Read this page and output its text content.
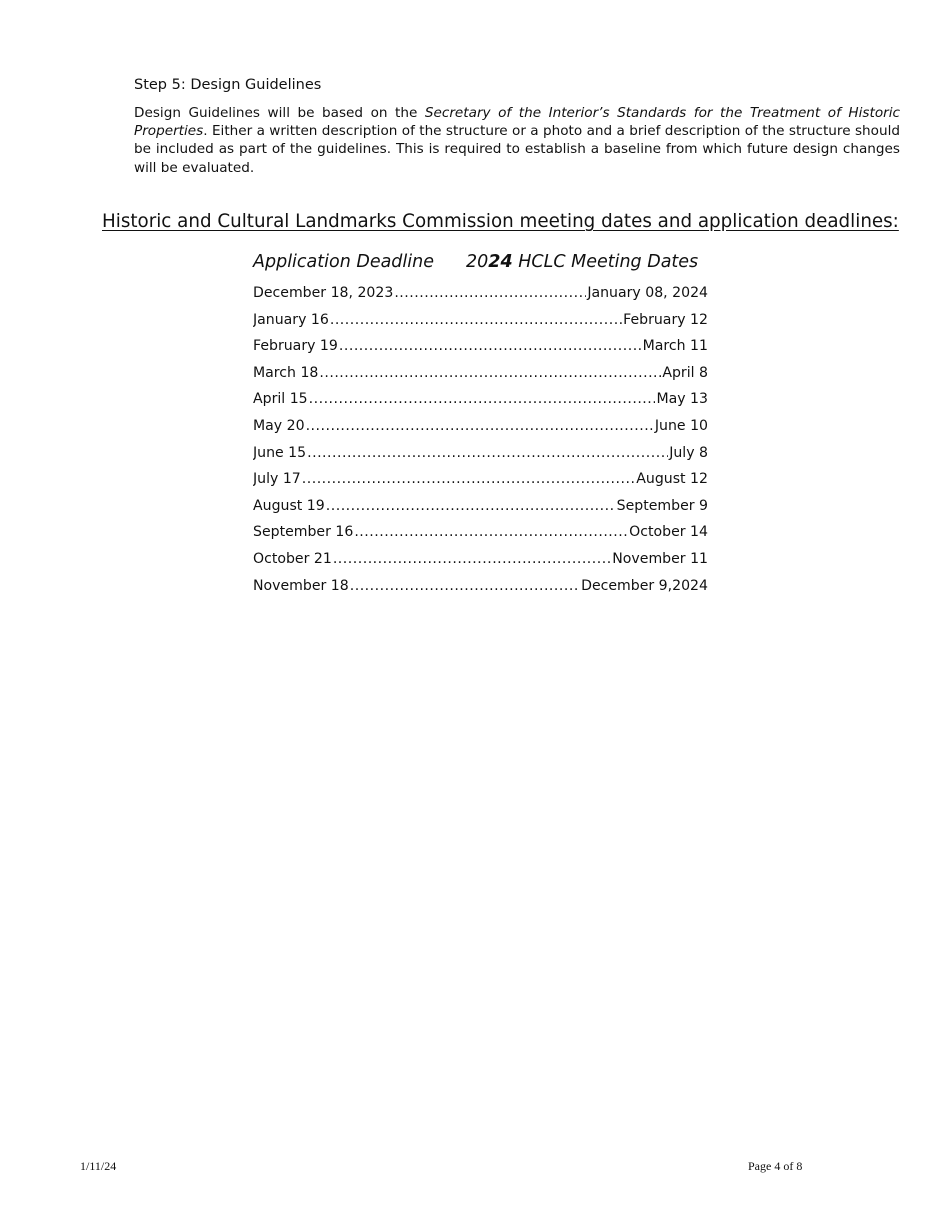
Step 5: Design Guidelines
Design Guidelines will be based on the Secretary of the Interior’s Standards for the Treatment of Historic Properties. Either a written description of the structure or a photo and a brief description of the structure should be included as part of the guidelines. This is required to establish a baseline from which future design changes will be evaluated.
Historic and Cultural Landmarks Commission meeting dates and application deadlines:
Application Deadline 2024 HCLC Meeting Dates
December 18, 2023 .....	January 08, 2024
January 16 .....	February 12
February 19 .....	March 11
March 18 .....	April 8
April 15 .....	May 13
May 20 .....	June 10
June 15 .....	July 8
July 17 .....	August 12
August 19 .....	September 9
September 16 .....	October 14
October 21 .....	November 11
November 18 .....	December 9,2024
1/11/24	Page 4 of 8
